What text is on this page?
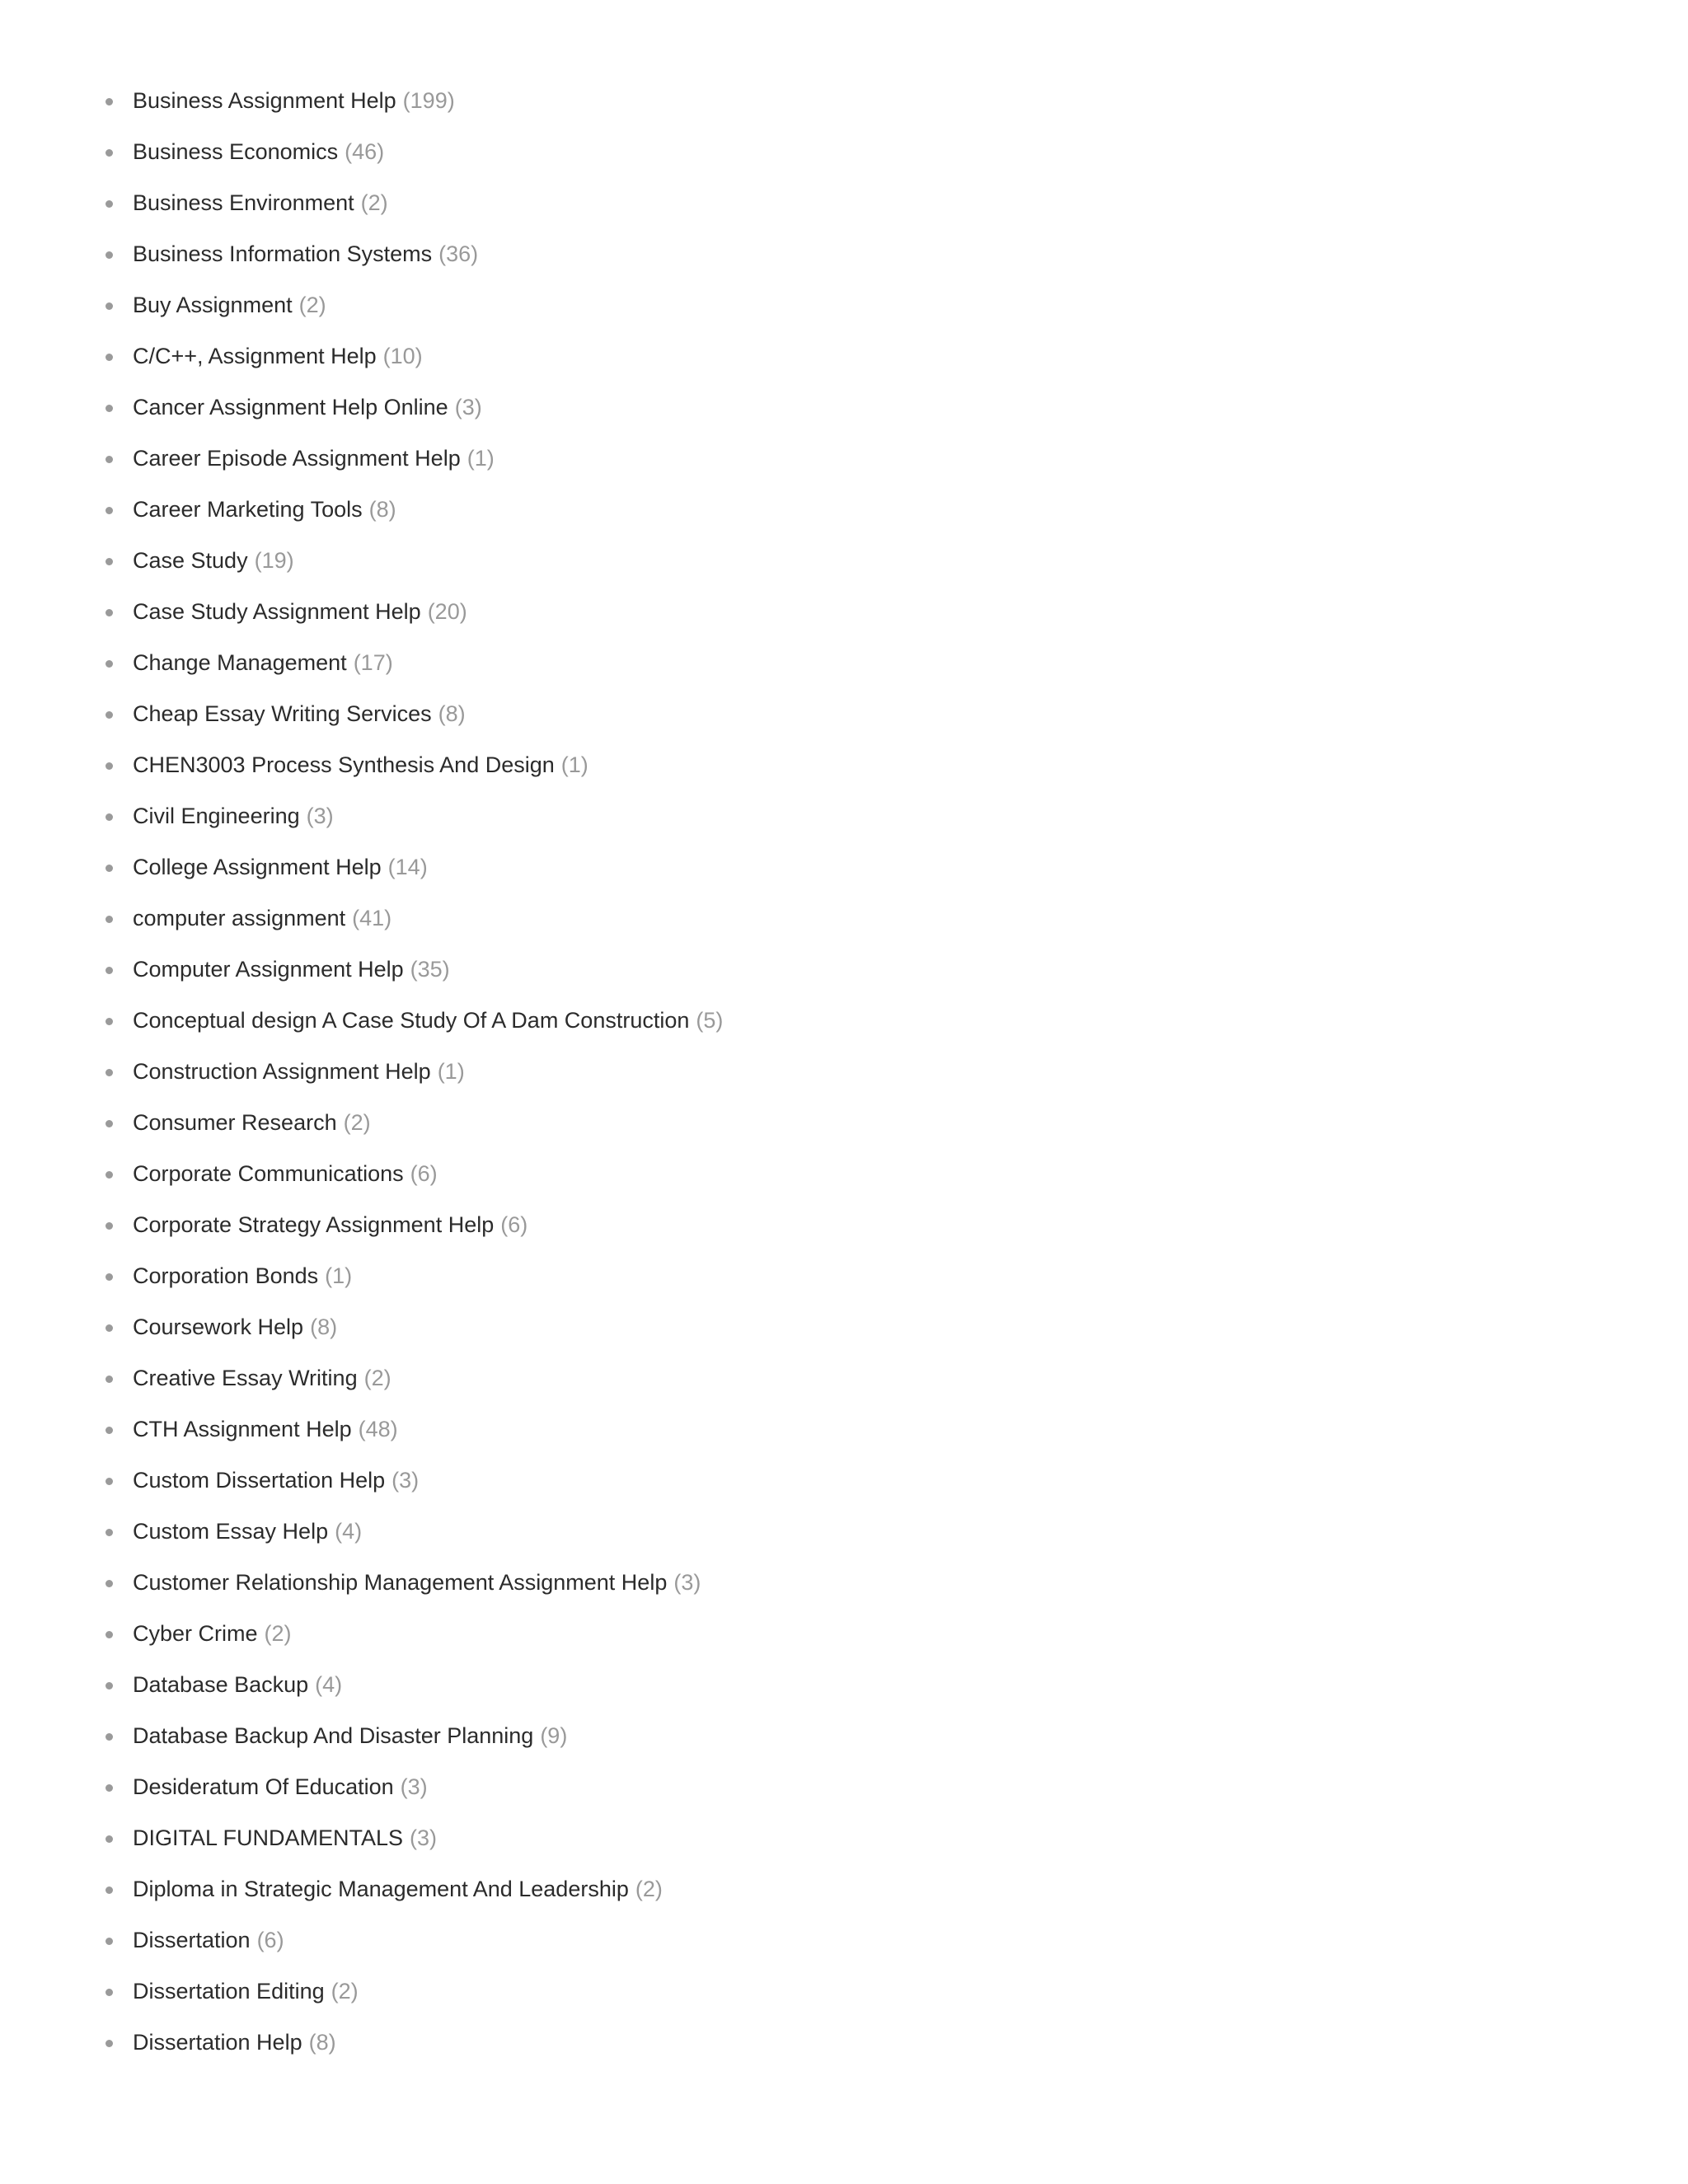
Business Assignment Help (199)
Business Economics (46)
Business Environment (2)
Business Information Systems (36)
Buy Assignment (2)
C/C++, Assignment Help (10)
Cancer Assignment Help Online (3)
Career Episode Assignment Help (1)
Career Marketing Tools (8)
Case Study (19)
Case Study Assignment Help (20)
Change Management (17)
Cheap Essay Writing Services (8)
CHEN3003 Process Synthesis And Design (1)
Civil Engineering (3)
College Assignment Help (14)
computer assignment (41)
Computer Assignment Help (35)
Conceptual design A Case Study Of A Dam Construction (5)
Construction Assignment Help (1)
Consumer Research (2)
Corporate Communications (6)
Corporate Strategy Assignment Help (6)
Corporation Bonds (1)
Coursework Help (8)
Creative Essay Writing (2)
CTH Assignment Help (48)
Custom Dissertation Help (3)
Custom Essay Help (4)
Customer Relationship Management Assignment Help (3)
Cyber Crime (2)
Database Backup (4)
Database Backup And Disaster Planning (9)
Desideratum Of Education (3)
DIGITAL FUNDAMENTALS (3)
Diploma in Strategic Management And Leadership (2)
Dissertation (6)
Dissertation Editing (2)
Dissertation Help (8)
